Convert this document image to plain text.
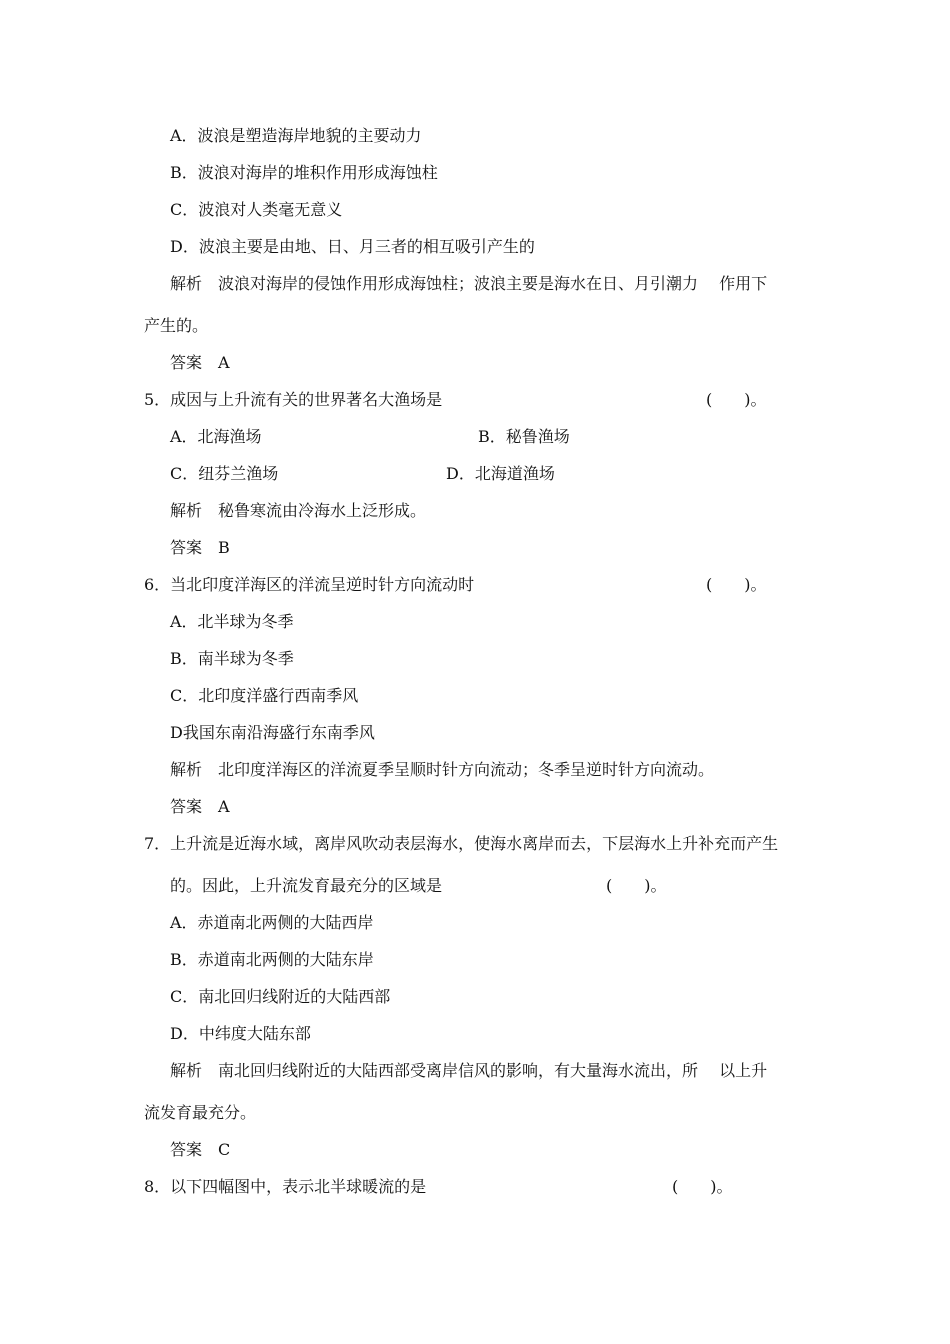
A．波浪是塑造海岸地貌的主要动力
B．波浪对海岸的堆积作用形成海蚀柱
C．波浪对人类毫无意义
D．波浪主要是由地、日、月三者的相互吸引产生的
解析　波浪对海岸的侵蚀作用形成海蚀柱；波浪主要是海水在日、月引潮力　 作用下
产生的。
答案　A
5．成因与上升流有关的世界著名大渔场是	(　　)。
A．北海渔场	B．秘鲁渔场
C．纽芬兰渔场	D．北海道渔场
解析　秘鲁寒流由冷海水上泛形成。
答案　B
6．当北印度洋海区的洋流呈逆时针方向流动时	(　　)。
A．北半球为冬季
B．南半球为冬季
C．北印度洋盛行西南季风
D我国东南沿海盛行东南季风
解析　北印度洋海区的洋流夏季呈顺时针方向流动；冬季呈逆时针方向流动。
答案　A
7．上升流是近海水域，离岸风吹动表层海水，使海水离岸而去，下层海水上升补充而产生
的。因此，上升流发育最充分的区域是	(　　)。
A．赤道南北两侧的大陆西岸
B．赤道南北两侧的大陆东岸
C．南北回归线附近的大陆西部
D．中纬度大陆东部
解析　南北回归线附近的大陆西部受离岸信风的影响，有大量海水流出，所　 以上升
流发育最充分。
答案　C
8．以下四幅图中，表示北半球暖流的是	(　　)。
